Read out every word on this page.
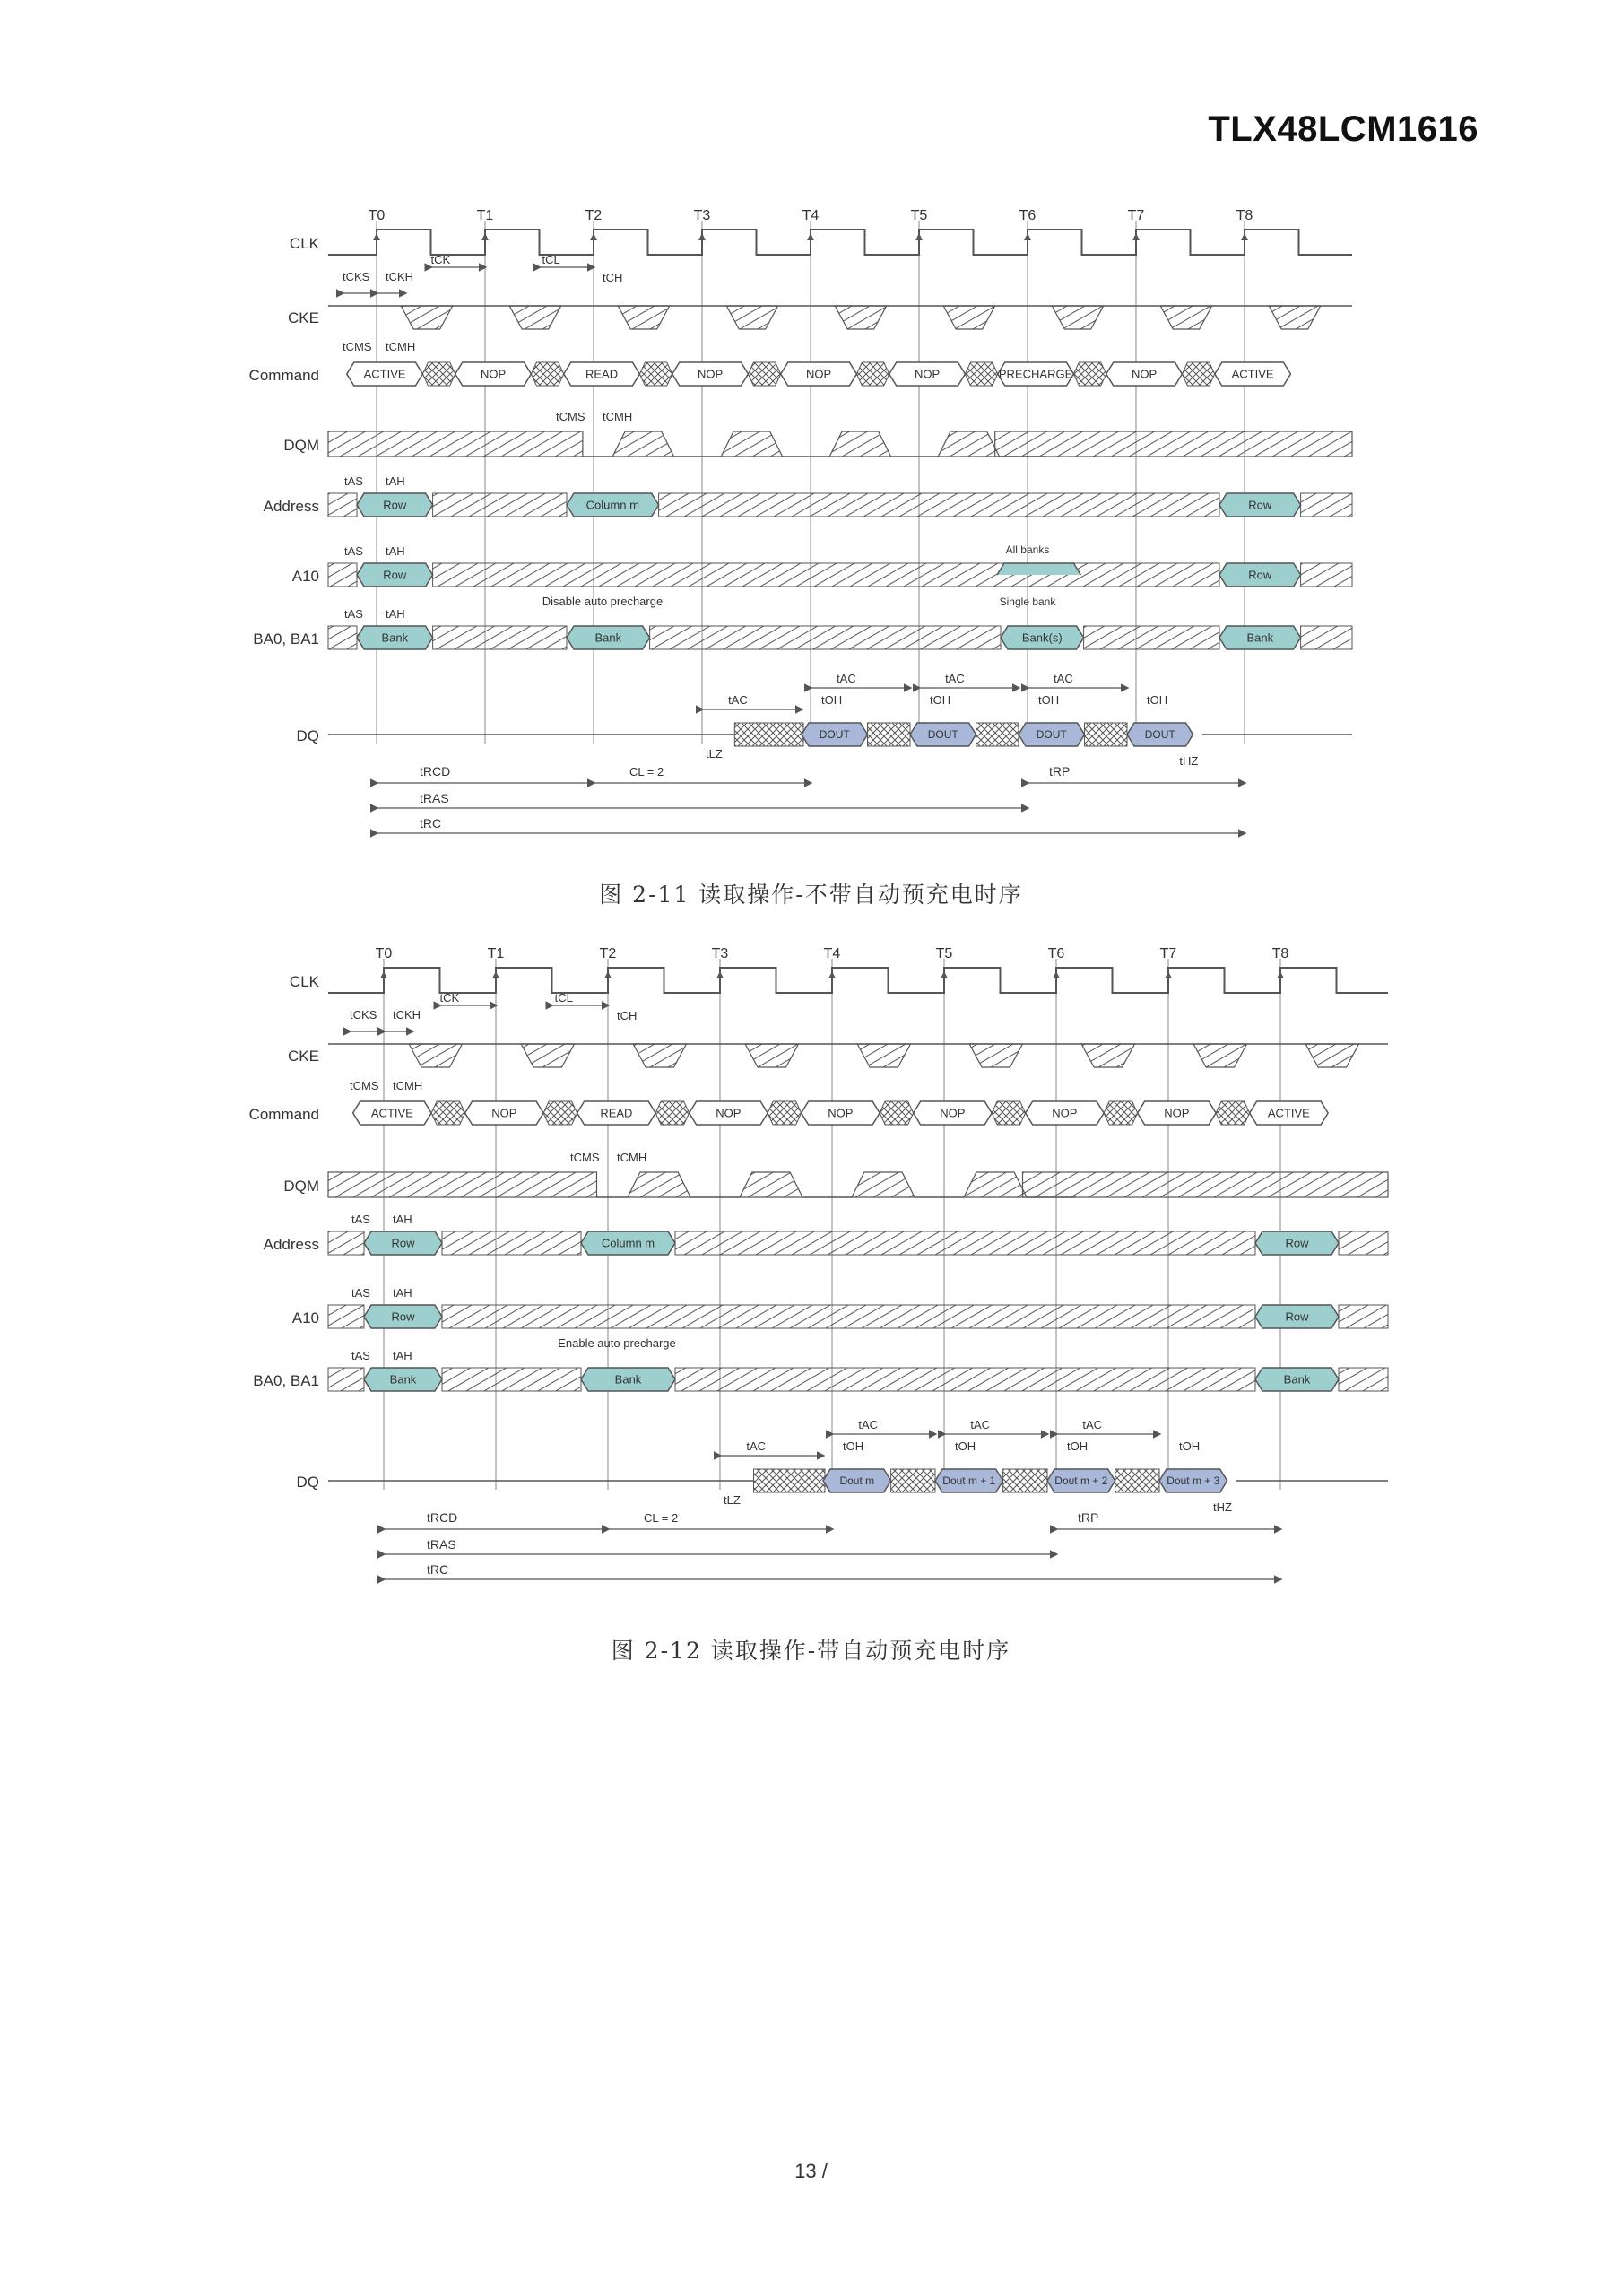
TLX48LCM1616
CLK
CKE
Command
DQM
Address
A10
BA0, BA1
DQ
T0	T1	T2	T3	T4	T5	T6	T7	T8
ACTIVE	NOP	READ	NOP	NOP	NOP	PRECHARGE	NOP	ACTIVE
Row	Column m	Row
Row	Row
Bank	Bank	Bank(s)	Bank
Disable auto precharge
All banks
Single bank
DOUT	DOUT	DOUT	DOUT
tCK	tCL
tCH
tCKS tCKH
tCMS tCMH
tCMS tCMH
tAS tAH
tAS tAH
tAS tAH
tAC	tOH
tAC
tOH
tAC
tOH
tAC
tOH
tLZ
tHZ
tRCD	CL = 2	tRP
tRAS
tRC
图 2-11 读取操作-不带自动预充电时序
CLK
CKE
Command
DQM
Address
A10
BA0, BA1
DQ
T0	T1	T2	T3	T4	T5	T6	T7	T8
ACTIVE	NOP	READ	NOP	NOP	NOP	NOP	NOP	ACTIVE
Row	Column m	Row
Row	Row
Bank	Bank	Bank
Enable auto precharge
Dout m	Dout m + 1	Dout m + 2	Dout m + 3
tCK	tCL
tCH
tCKS tCKH
tCMS tCMH
tCMS tCMH
tAS tAH
tAS tAH
tAS tAH
tAC	tOH
tAC
tOH
tAC
tOH
tAC
tOH
tLZ
tHZ
tRCD	CL = 2	tRP
tRAS
tRC
图 2-12 读取操作-带自动预充电时序
13 /
